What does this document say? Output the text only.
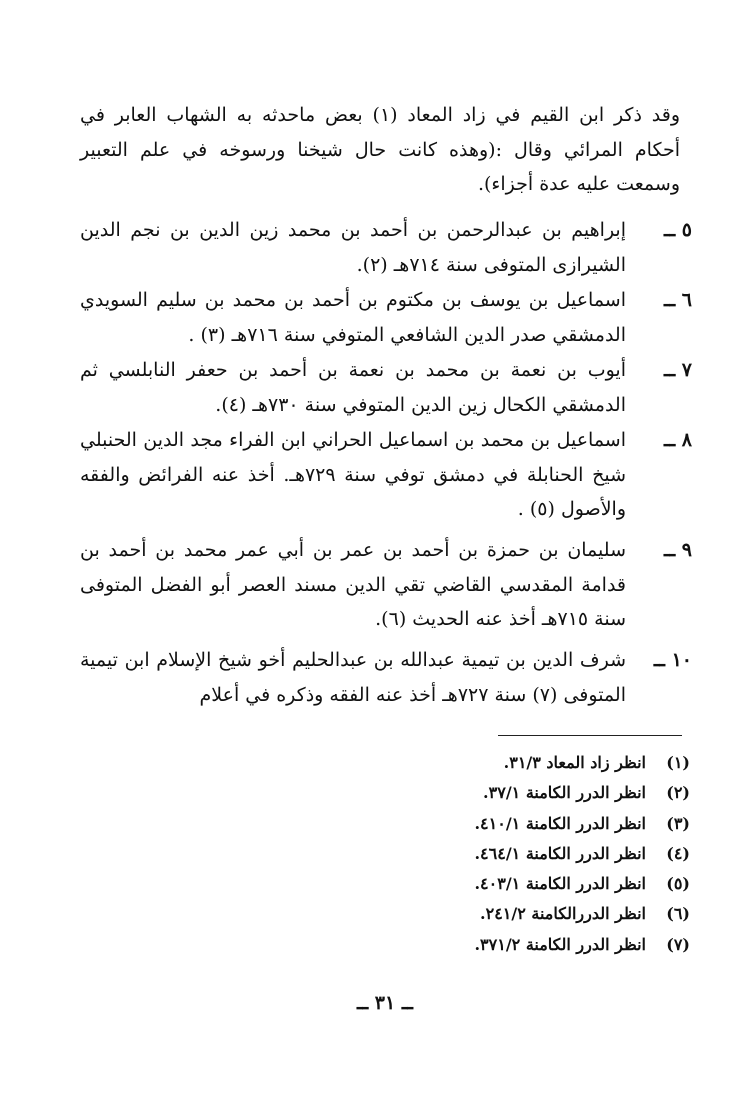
وقد ذكر ابن القيم في زاد المعاد (١) بعض ماحدثه به الشهاب العابر في أحكام المرائي وقال :(وهذه كانت حال شيخنا ورسوخه في علم التعبير وسمعت عليه عدة أجزاء).
٥ ــ
إبراهيم بن عبدالرحمن بن أحمد بن محمد زين الدين بن نجم الدين الشيرازى المتوفى سنة ٧١٤هـ (٢).
٦ ــ
اسماعيل بن يوسف بن مكتوم بن أحمد بن محمد بن سليم السويدي الدمشقي صدر الدين الشافعي المتوفي سنة ٧١٦هـ (٣) .
٧ ــ
أيوب بن نعمة بن محمد بن نعمة بن أحمد بن حعفر النابلسي ثم الدمشقي الكحال زين الدين المتوفي سنة ٧٣٠هـ (٤).
٨ ــ
اسماعيل بن محمد بن اسماعيل الحراني ابن الفراء مجد الدين الحنبلي شيخ الحنابلة في دمشق توفي سنة ٧٢٩هـ. أخذ عنه الفرائض والفقه والأصول (٥) .
٩ ــ
سليمان بن حمزة بن أحمد بن عمر بن أبي عمر محمد بن أحمد بن قدامة المقدسي القاضي تقي الدين مسند العصر أبو الفضل المتوفى سنة ٧١٥هـ أخذ عنه الحديث (٦).
١٠ ــ
شرف الدين بن تيمية عبدالله بن عبدالحليم أخو شيخ الإسلام ابن تيمية المتوفى (٧) سنة ٧٢٧هـ أخذ عنه الفقه وذكره في أعلام
(١)
انظر زاد المعاد ٣١/٣.
(٢)
انظر الدرر الكامنة ٣٧/١.
(٣)
انظر الدرر الكامنة ٤١٠/١.
(٤)
انظر الدرر الكامنة ٤٦٤/١.
(٥)
انظر الدرر الكامنة ٤٠٣/١.
(٦)
انظر الدررالكامنة ٢٤١/٢.
(٧)
انظر الدرر الكامنة ٣٧١/٢.
ــ ٣١ ــ
